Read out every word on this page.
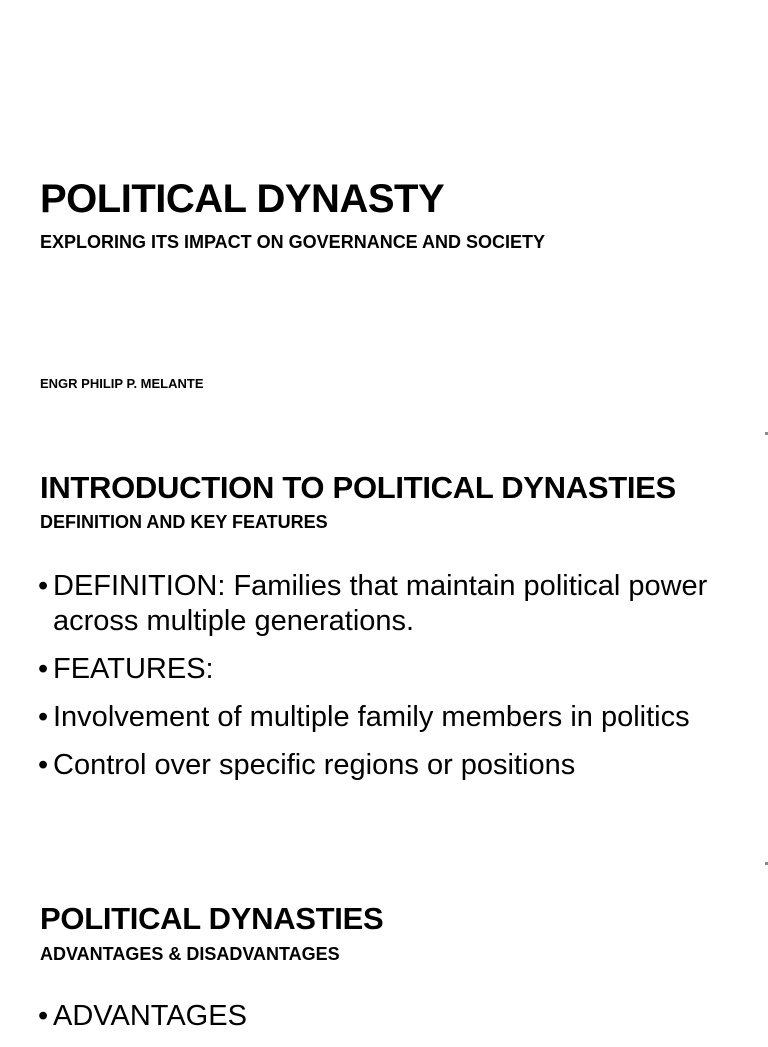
POLITICAL DYNASTY
EXPLORING ITS IMPACT ON GOVERNANCE AND SOCIETY
ENGR PHILIP P. MELANTE
INTRODUCTION TO POLITICAL DYNASTIES
DEFINITION AND KEY FEATURES
• DEFINITION: Families that maintain political power across multiple generations.
• FEATURES:
• Involvement of multiple family members in politics
• Control over specific regions or positions
POLITICAL DYNASTIES
ADVANTAGES & DISADVANTAGES
• ADVANTAGES
